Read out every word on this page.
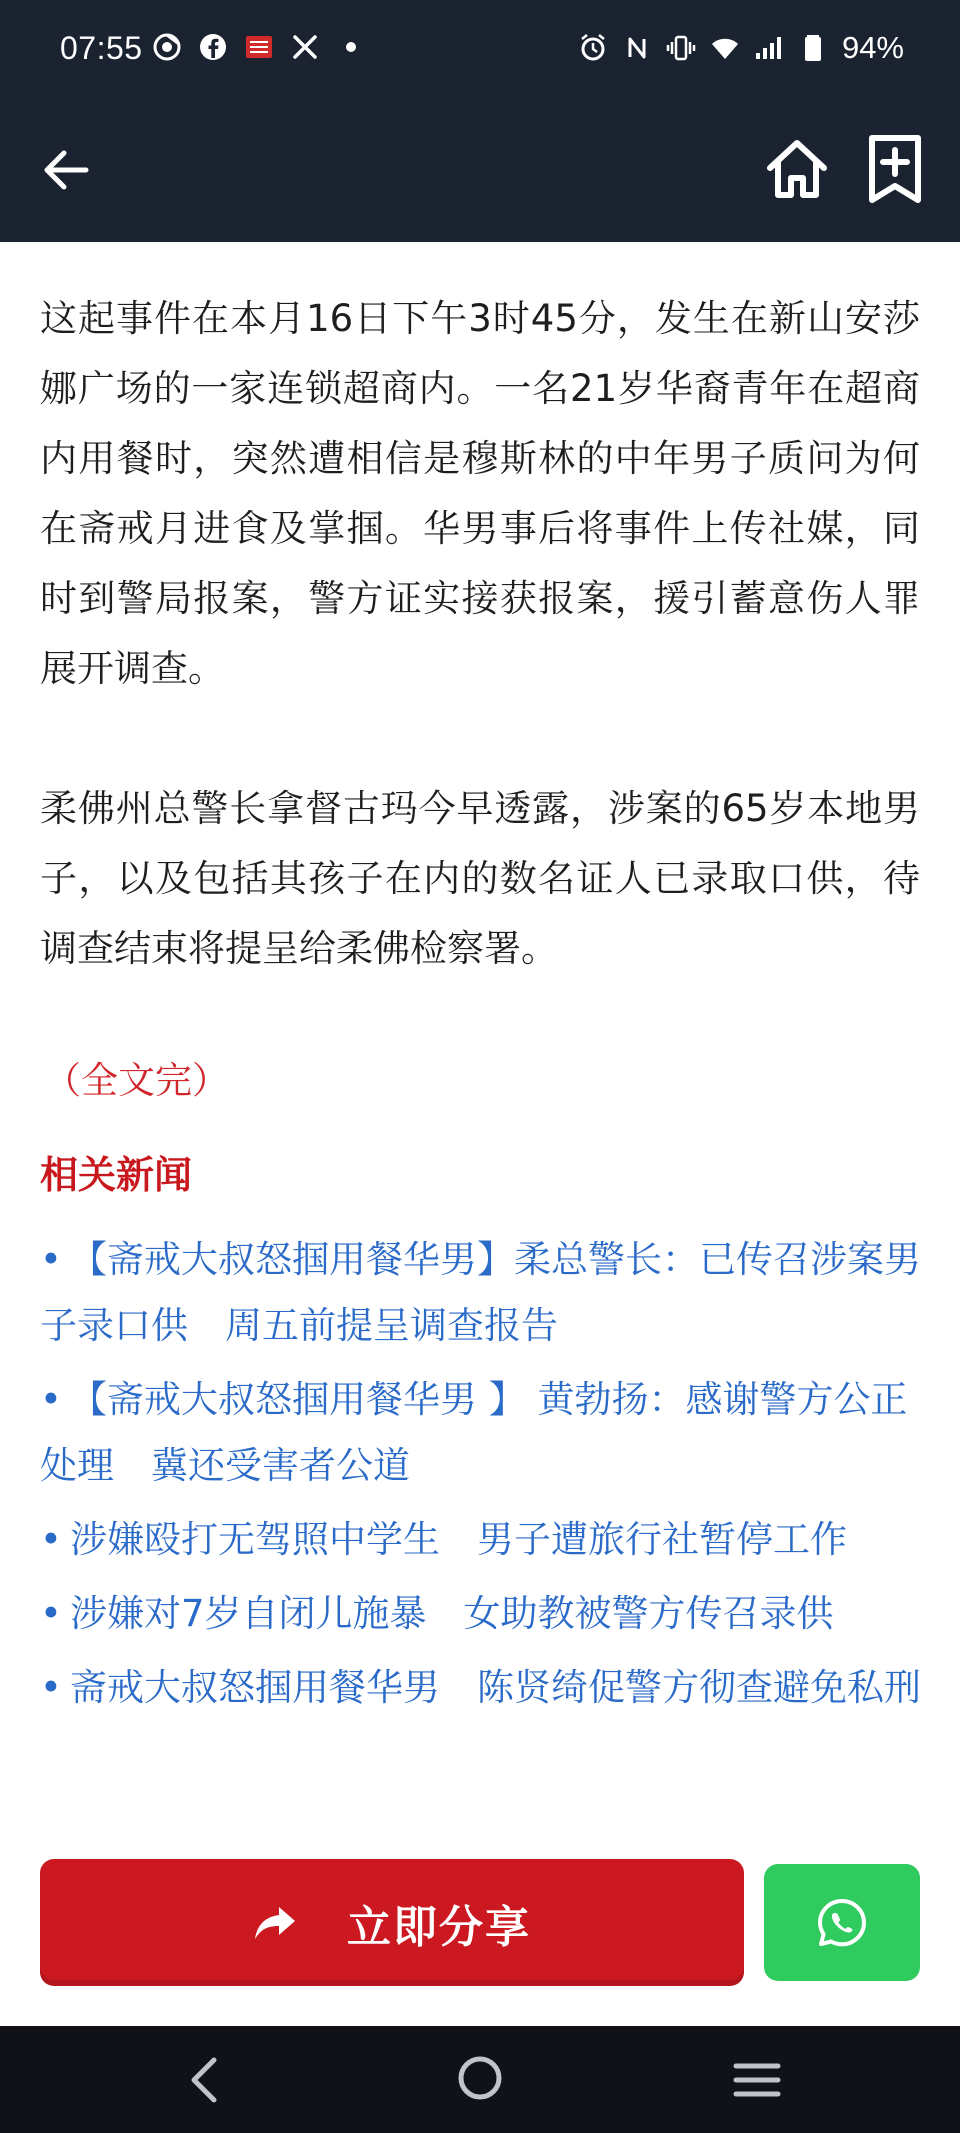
07:55	94%

这起事件在本月16日下午3时45分，发生在新山安莎娜广场的一家连锁超商内。一名21岁华裔青年在超商内用餐时，突然遭相信是穆斯林的中年男子质问为何在斋戒月进食及掌掴。华男事后将事件上传社媒，同时到警局报案，警方证实接获报案，援引蓄意伤人罪展开调查。

柔佛州总警长拿督古玛今早透露，涉案的65岁本地男子，以及包括其孩子在内的数名证人已录取口供，待调查结束将提呈给柔佛检察署。

（全文完）
相关新闻
• 【斋戒大叔怒掴用餐华男】柔总警长：已传召涉案男子录口供　周五前提呈调查报告
• 【斋戒大叔怒掴用餐华男 】 黄勃扬：感谢警方公正处理　冀还受害者公道
• 涉嫌殴打无驾照中学生　男子遭旅行社暂停工作
• 涉嫌对7岁自闭儿施暴　女助教被警方传召录供
• 斋戒大叔怒掴用餐华男　陈贤绮促警方彻查避免私刑
立即分享
